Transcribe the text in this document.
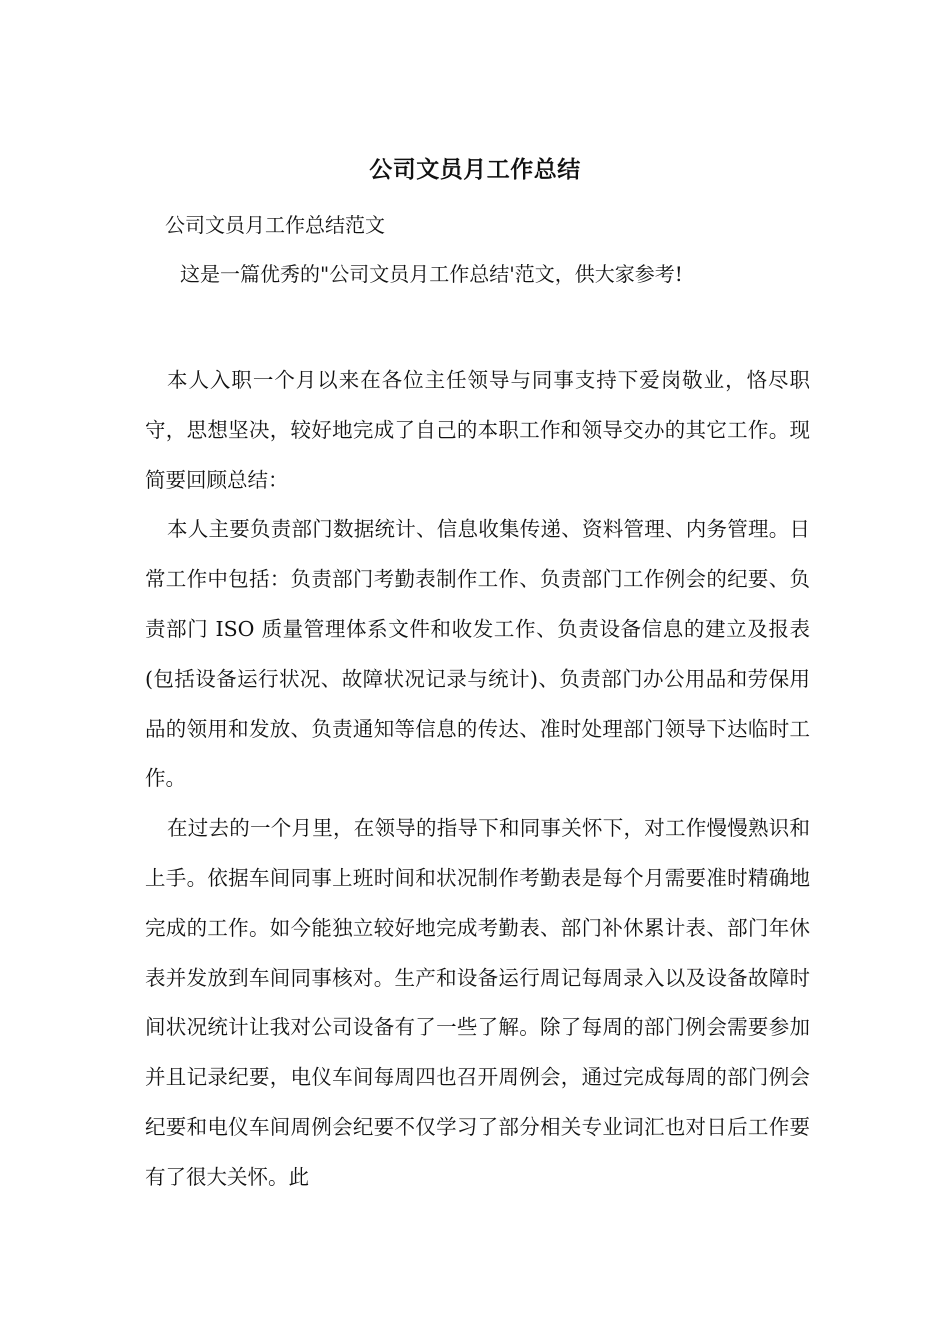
公司文员月工作总结
公司文员月工作总结范文
这是一篇优秀的"公司文员月工作总结'范文，供大家参考!

本人入职一个月以来在各位主任领导与同事支持下爱岗敬业，恪尽职守，思想坚决，较好地完成了自己的本职工作和领导交办的其它工作。现简要回顾总结：

本人主要负责部门数据统计、信息收集传递、资料管理、内务管理。日常工作中包括：负责部门考勤表制作工作、负责部门工作例会的纪要、负责部门 ISO 质量管理体系文件和收发工作、负责设备信息的建立及报表(包括设备运行状况、故障状况记录与统计)、负责部门办公用品和劳保用品的领用和发放、负责通知等信息的传达、准时处理部门领导下达临时工作。

在过去的一个月里，在领导的指导下和同事关怀下，对工作慢慢熟识和上手。依据车间同事上班时间和状况制作考勤表是每个月需要准时精确地完成的工作。如今能独立较好地完成考勤表、部门补休累计表、部门年休表并发放到车间同事核对。生产和设备运行周记每周录入以及设备故障时间状况统计让我对公司设备有了一些了解。除了每周的部门例会需要参加并且记录纪要，电仪车间每周四也召开周例会，通过完成每周的部门例会纪要和电仪车间周例会纪要不仅学习了部分相关专业词汇也对日后工作要有了很大关怀。此
